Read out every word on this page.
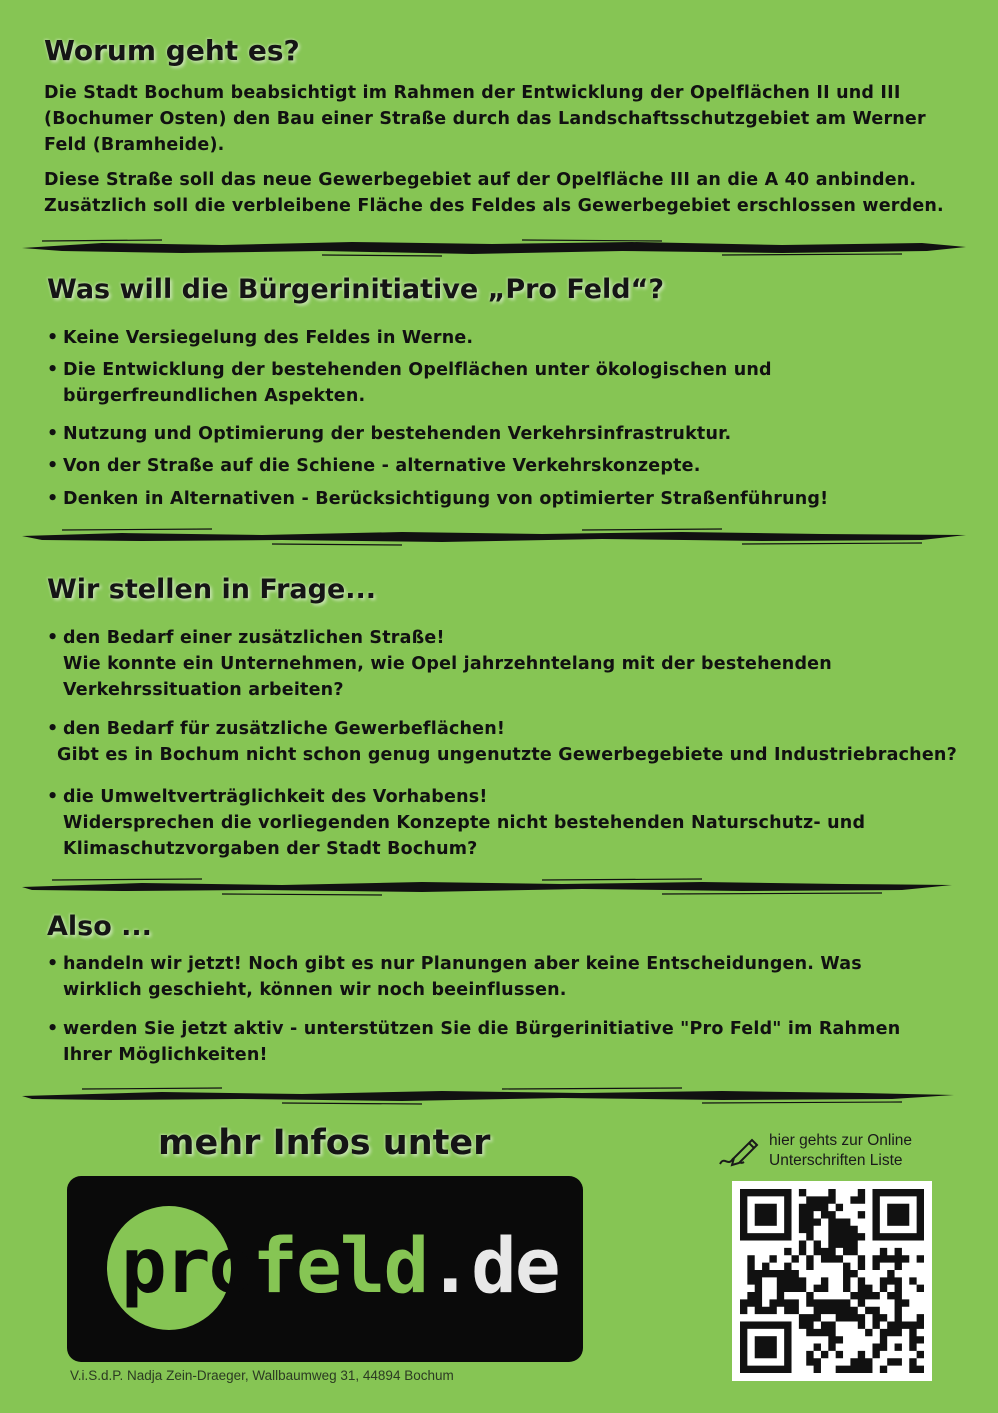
Worum geht es?

Die Stadt Bochum beabsichtigt im Rahmen der Entwicklung der Opelflächen II und III
(Bochumer Osten) den Bau einer Straße durch das Landschaftsschutzgebiet am Werner
Feld (Bramheide).

Diese Straße soll das neue Gewerbegebiet auf der Opelfläche III an die A 40 anbinden.
Zusätzlich soll die verbleibene Fläche des Feldes als Gewerbegebiet erschlossen werden.

Was will die Bürgerinitiative „Pro Feld“?
• Keine Versiegelung des Feldes in Werne.
• Die Entwicklung der bestehenden Opelflächen unter ökologischen und
bürgerfreundlichen Aspekten.
• Nutzung und Optimierung der bestehenden Verkehrsinfrastruktur.
• Von der Straße auf die Schiene - alternative Verkehrskonzepte.
• Denken in Alternativen - Berücksichtigung von optimierter Straßenführung!
Wir stellen in Frage...
• den Bedarf einer zusätzlichen Straße!
Wie konnte ein Unternehmen, wie Opel jahrzehntelang mit der bestehenden
Verkehrssituation arbeiten?
• den Bedarf für zusätzliche Gewerbeflächen!
Gibt es in Bochum nicht schon genug ungenutzte Gewerbegebiete und Industriebrachen?
• die Umweltverträglichkeit des Vorhabens!
Widersprechen die vorliegenden Konzepte nicht bestehenden Naturschutz- und
Klimaschutzvorgaben der Stadt Bochum?
Also ...
• handeln wir jetzt! Noch gibt es nur Planungen aber keine Entscheidungen. Was
wirklich geschieht, können wir noch beeinflussen.
• werden Sie jetzt aktiv - unterstützen Sie die Bürgerinitiative "Pro Feld" im Rahmen
Ihrer Möglichkeiten!
mehr Infos unter
profeld.de
hier gehts zur Online
Unterschriften Liste
V.i.S.d.P. Nadja Zein-Draeger, Wallbaumweg 31, 44894 Bochum
